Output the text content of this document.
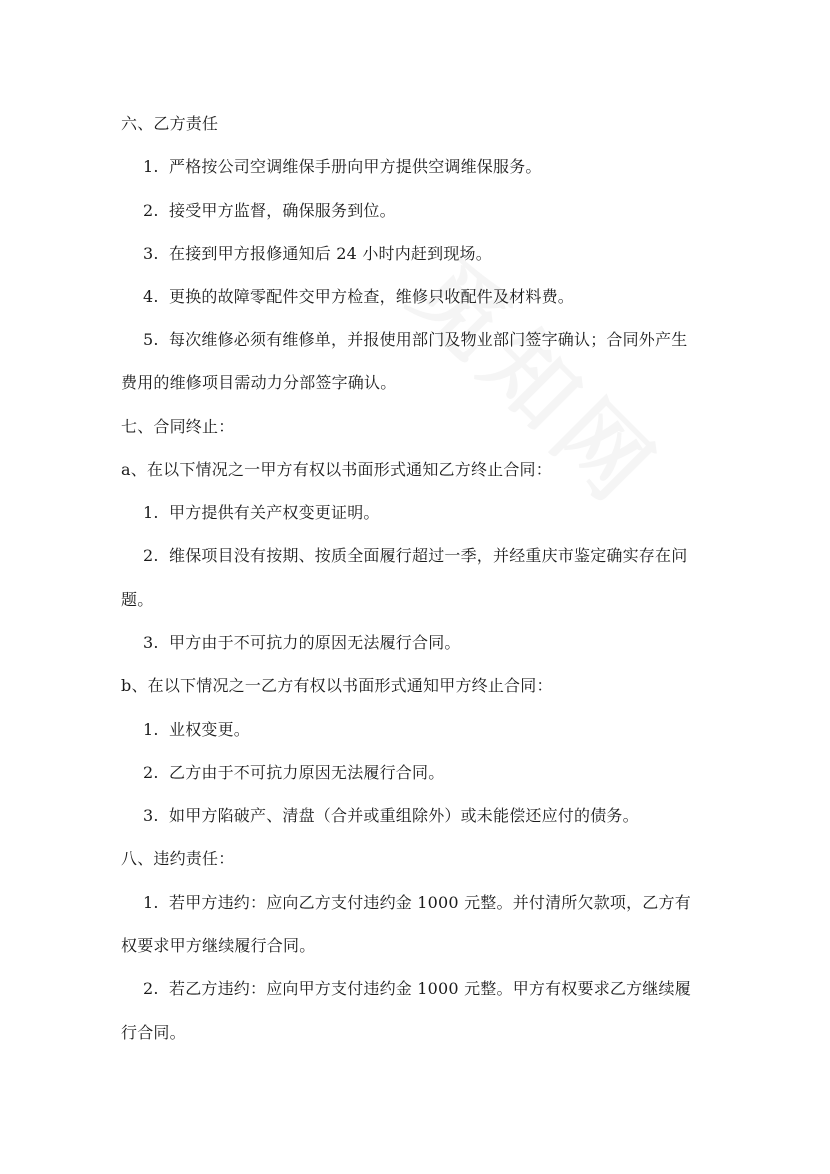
六、乙方责任
1. 严格按公司空调维保手册向甲方提供空调维保服务。
2. 接受甲方监督，确保服务到位。
3. 在接到甲方报修通知后 24 小时内赶到现场。
4. 更换的故障零配件交甲方检查，维修只收配件及材料费。
5. 每次维修必须有维修单，并报使用部门及物业部门签字确认；合同外产生
费用的维修项目需动力分部签字确认。
七、合同终止：
a、在以下情况之一甲方有权以书面形式通知乙方终止合同：
1. 甲方提供有关产权变更证明。
2. 维保项目没有按期、按质全面履行超过一季，并经重庆市鉴定确实存在问
题。
3. 甲方由于不可抗力的原因无法履行合同。
b、在以下情况之一乙方有权以书面形式通知甲方终止合同：
1. 业权变更。
2. 乙方由于不可抗力原因无法履行合同。
3. 如甲方陷破产、清盘（合并或重组除外）或未能偿还应付的债务。
八、违约责任：
1. 若甲方违约：应向乙方支付违约金 1000 元整。并付清所欠款项，乙方有
权要求甲方继续履行合同。
2. 若乙方违约：应向甲方支付违约金 1000 元整。甲方有权要求乙方继续履
行合同。
